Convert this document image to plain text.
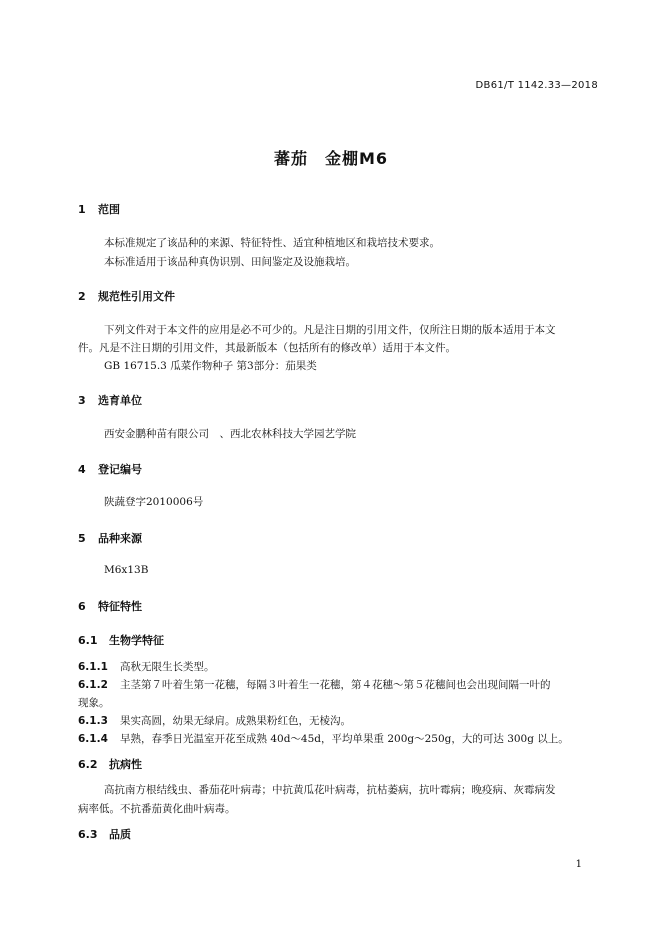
DB61/T 1142.33—2018
蕃茄　金棚M6
1 范围
本标准规定了该品种的来源、特征特性、适宜种植地区和栽培技术要求。
本标准适用于该品种真伪识别、田间鉴定及设施栽培。
2 规范性引用文件
下列文件对于本文件的应用是必不可少的。凡是注日期的引用文件，仅所注日期的版本适用于本文
件。凡是不注日期的引用文件，其最新版本（包括所有的修改单）适用于本文件。
GB 16715.3 瓜菜作物种子 第3部分：茄果类
3 选育单位
西安金鹏种苗有限公司　、西北农林科技大学园艺学院
4 登记编号
陕蔬登字2010006号
5 品种来源
M6x13B
6 特征特性
6.1 生物学特征
6.1.1 高秋无限生长类型。
6.1.2 主茎第７叶着生第一花穗，每隔３叶着生一花穗，第４花穗～第５花穗间也会出现间隔一叶的
现象。
6.1.3 果实高圆，幼果无绿肩。成熟果粉红色，无棱沟。
6.1.4 早熟，春季日光温室开花至成熟 40d～45d，平均单果重 200g～250g，大的可达 300g 以上。
6.2 抗病性
高抗南方根结线虫、番茄花叶病毒；中抗黄瓜花叶病毒，抗枯萎病，抗叶霉病；晚疫病、灰霉病发
病率低。不抗番茄黄化曲叶病毒。
6.3 品质
1
